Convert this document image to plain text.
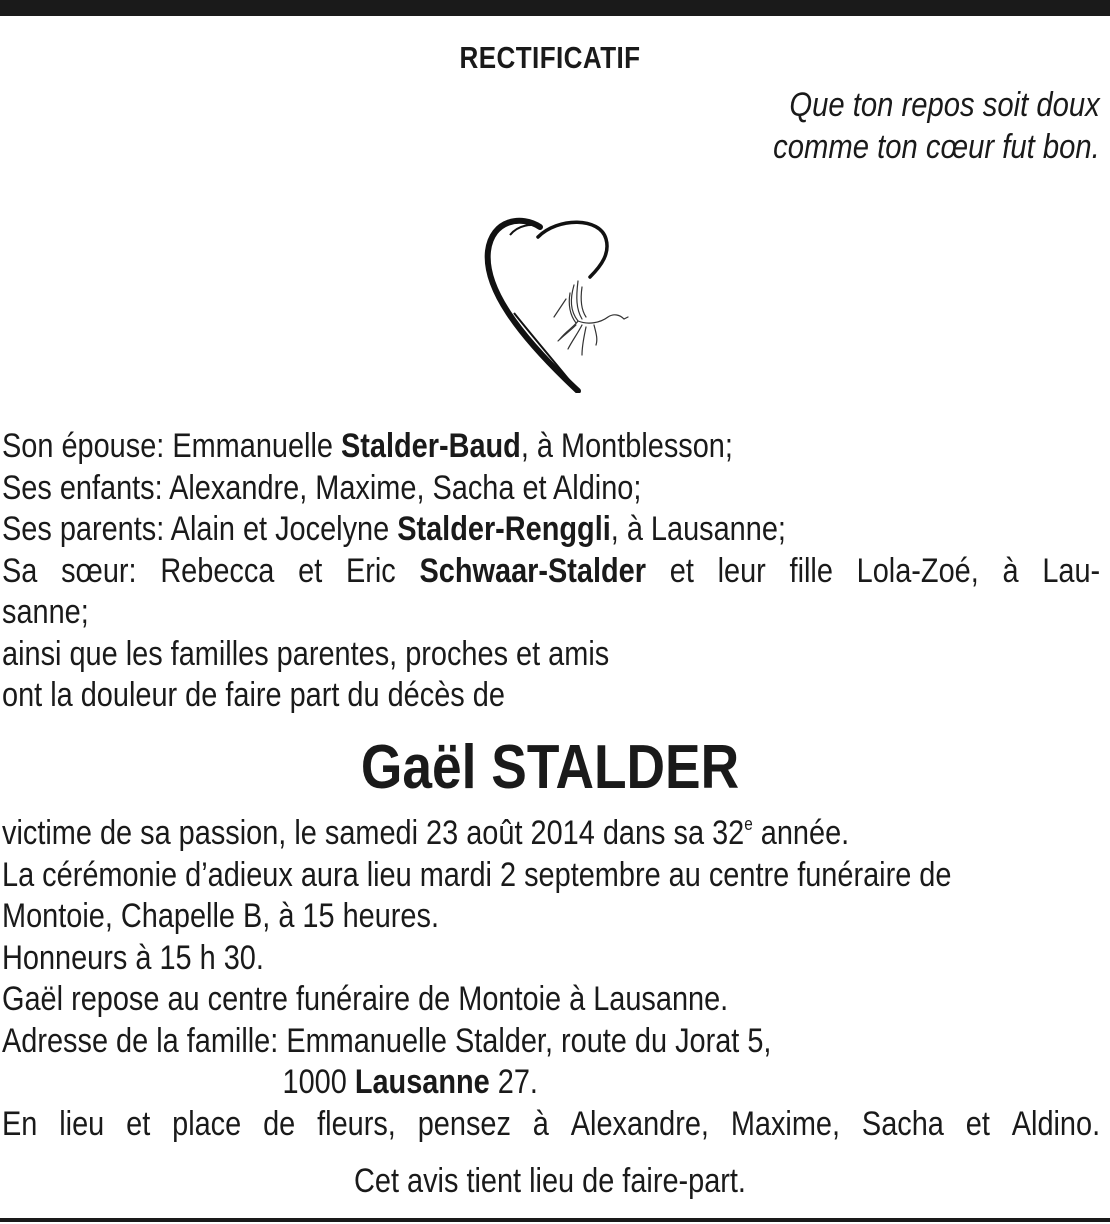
RECTIFICATIF
Que ton repos soit doux
comme ton cœur fut bon.
Son épouse: Emmanuelle Stalder-Baud, à Montblesson;
Ses enfants: Alexandre, Maxime, Sacha et Aldino;
Ses parents: Alain et Jocelyne Stalder-Renggli, à Lausanne;
Sa sœur: Rebecca et Eric Schwaar-Stalder et leur fille Lola-Zoé, à Lau-
sanne;
ainsi que les familles parentes, proches et amis
ont la douleur de faire part du décès de
Gaël STALDER
victime de sa passion, le samedi 23 août 2014 dans sa 32e année.
La cérémonie d’adieux aura lieu mardi 2 septembre au centre funéraire de
Montoie, Chapelle B, à 15 heures.
Honneurs à 15 h 30.
Gaël repose au centre funéraire de Montoie à Lausanne.
Adresse de la famille: Emmanuelle Stalder, route du Jorat 5,
1000 Lausanne 27.
En lieu et place de fleurs, pensez à Alexandre, Maxime, Sacha et Aldino.
Cet avis tient lieu de faire-part.
